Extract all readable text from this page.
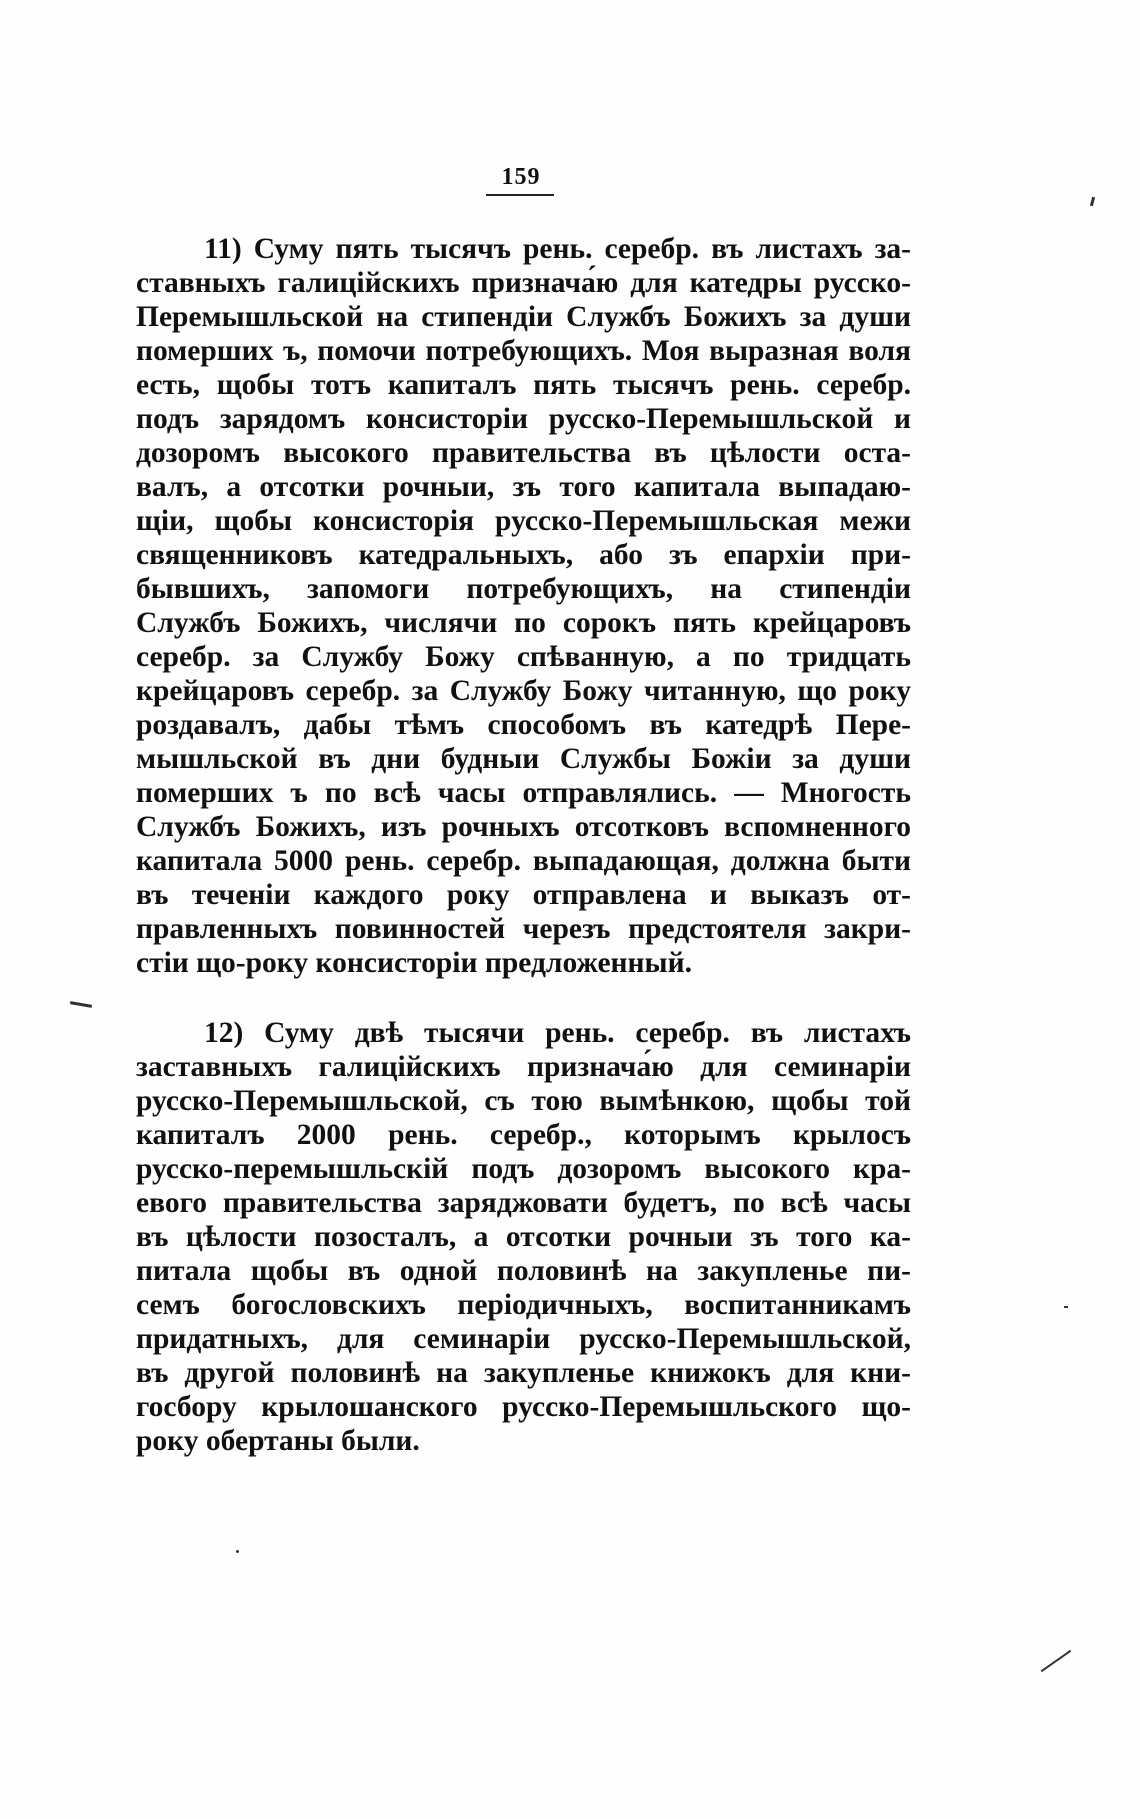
159
11) Суму пять тысячъ рень. серебр. въ листахъ за-
ставныхъ галицiйскихъ признача́ю для катедры русско-
Перемышльской на стипендiи Службъ Божихъ за души
померших ъ, помочи потребующихъ. Моя выразная воля
есть, щобы тотъ капиталъ пять тысячъ рень. серебр.
подъ зарядомъ консисторiи русско-Перемышльской и
дозоромъ высокого правительства въ цѣлости оста-
валъ, а отсотки рочныи, зъ того капитала выпадаю-
щiи, щобы консисторiя русско-Перемышльская межи
священниковъ катедральныхъ, або зъ епархiи при-
бывшихъ, запомоги потребующихъ, на стипендiи
Службъ Божихъ, числячи по сорокъ пять крейцаровъ
серебр. за Службу Божу спѣванную, а по тридцать
крейцаровъ серебр. за Службу Божу читанную, що року
роздавалъ, дабы тѣмъ способомъ въ катедрѣ Пере-
мышльской въ дни будныи Службы Божiи за души
померших ъ по всѣ часы отправлялись. — Многость
Службъ Божихъ, изъ рочныхъ отсотковъ вспомненного
капитала 5000 рень. серебр. выпадающая, должна быти
въ теченiи каждого року отправлена и выказъ от-
правленныхъ повинностей черезъ предстоятеля закри-
стiи що-року консисторiи предложенный.
12) Суму двѣ тысячи рень. серебр. въ листахъ
заставныхъ галицiйскихъ признача́ю для семинарiи
русско-Перемышльской, съ тою вымѣнкою, щобы той
капиталъ 2000 рень. серебр., которымъ крылосъ
русско-перемышльскiй подъ дозоромъ высокого кра-
евого правительства заряджовати будетъ, по всѣ часы
въ цѣлости позосталъ, а отсотки рочныи зъ того ка-
питала щобы въ одной половинѣ на закупленье пи-
семъ богословскихъ перiодичныхъ, воспитанникамъ
придатныхъ, для семинарiи русско-Перемышльской,
въ другой половинѣ на закупленье книжокъ для кни-
госбору крылошанского русско-Перемышльского що-
року обертаны были.
